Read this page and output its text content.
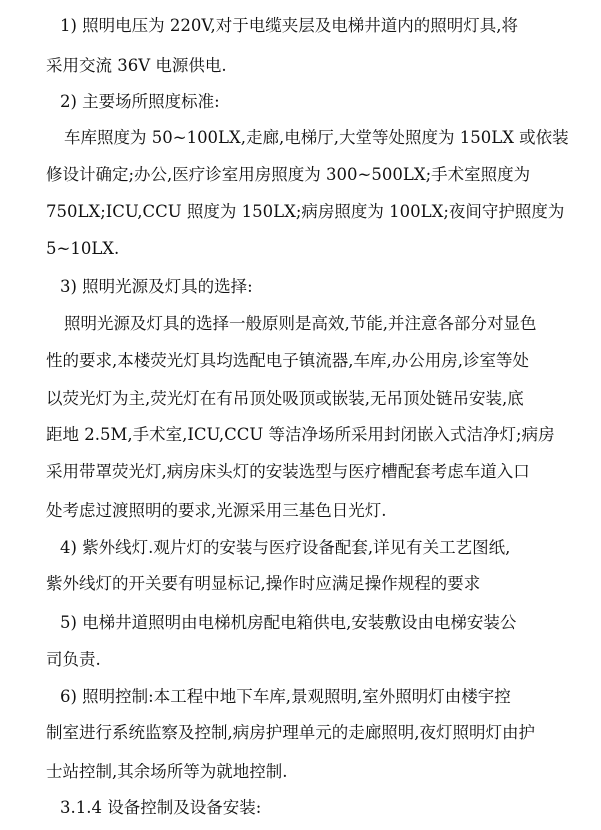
1) 照明电压为 220V,对于电缆夹层及电梯井道内的照明灯具,将
采用交流 36V 电源供电.
2) 主要场所照度标准:
车库照度为 50~100LX,走廊,电梯厅,大堂等处照度为 150LX 或依装
修设计确定;办公,医疗诊室用房照度为 300~500LX;手术室照度为
750LX;ICU,CCU 照度为 150LX;病房照度为 100LX;夜间守护照度为
5~10LX.
3) 照明光源及灯具的选择:
照明光源及灯具的选择一般原则是高效,节能,并注意各部分对显色
性的要求,本楼荧光灯具均选配电子镇流器,车库,办公用房,诊室等处
以荧光灯为主,荧光灯在有吊顶处吸顶或嵌装,无吊顶处链吊安装,底
距地 2.5M,手术室,ICU,CCU 等洁净场所采用封闭嵌入式洁净灯;病房
采用带罩荧光灯,病房床头灯的安装选型与医疗槽配套考虑车道入口
处考虑过渡照明的要求,光源采用三基色日光灯.
4) 紫外线灯.观片灯的安装与医疗设备配套,详见有关工艺图纸,
紫外线灯的开关要有明显标记,操作时应满足操作规程的要求
5) 电梯井道照明由电梯机房配电箱供电,安装敷设由电梯安装公
司负责.
6) 照明控制:本工程中地下车库,景观照明,室外照明灯由楼宇控
制室进行系统监察及控制,病房护理单元的走廊照明,夜灯照明灯由护
士站控制,其余场所等为就地控制.
3.1.4 设备控制及设备安装:
